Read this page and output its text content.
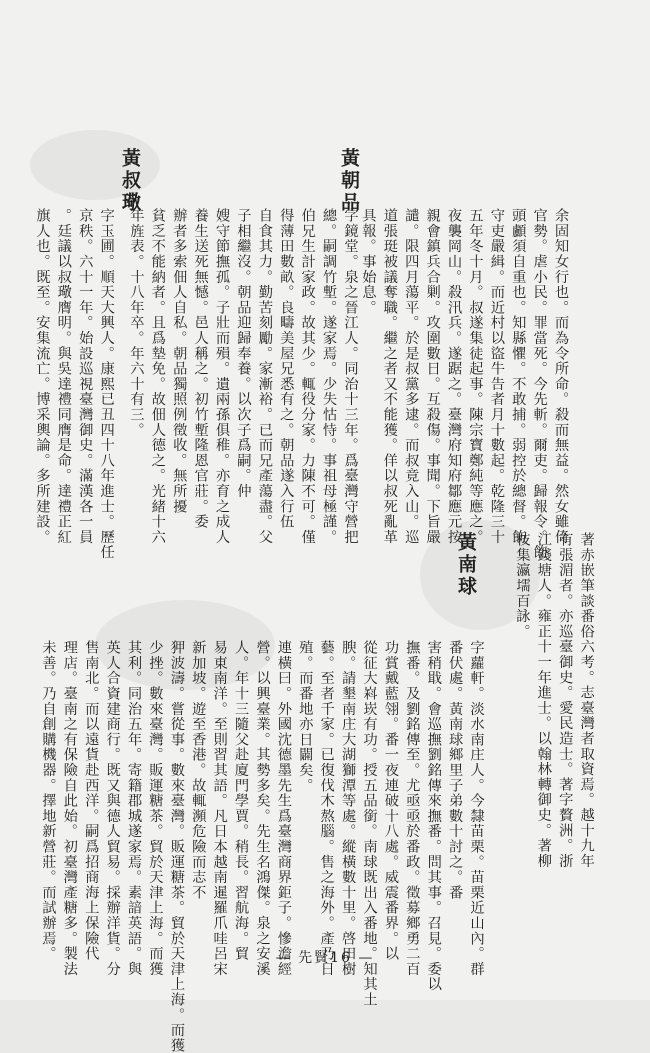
余固知女行也。而為令所命。殺而無益。然女雖倚
官勢。虐小民。罪當死。今先斬。爾吏。歸報令。飭
頭顱須自重也。知縣懼。不敢捕。弱控於總督。飭
守吏嚴緝。而近村以盜牛告者月十數起。乾隆三十
五年冬十月。叔遂集徒起事。陳宗寶鄭純等應之。
夜襲岡山。殺汛兵。遂踞之。臺灣府知府鄒應元按
親會鎮兵合剿。攻圍數日。互殺傷。事聞。下旨嚴
譴。限四月蕩平。於是叔黨多逮。而叔竟入山。巡
道張珽被議奪職。繼之者又不能獲。佯以叔死亂革
具報。事始息。
黃朝品
字鏡堂。泉之晉江人。同治十三年。爲臺灣守營把
總。嗣調竹塹。遂家焉。少失怙恃。事祖母極謹。
伯兄生計家政。故其少。輒役分家。力陳不可。僅
得薄田數畝。良疇美屋兄悉有之。朝品遂入行伍
自食其力。勤苦刻勵。家漸裕。已而兄產蕩盡。父
子相繼沒。朝品迎歸奉養。以次子爲嗣。仲
嫂守節撫孤。子壯而殞。遺兩孫俱稚。亦育之成人
養生送死無憾。邑人稱之。初竹塹隆恩官莊。委
辦者多索佃人自私。朝品獨照例徵收。無所擾
貧乏不能納者。且爲墊免。故佃人德之。光緒十六
年旌表。十八年卒。年六十有三。
黃叔璥
字玉圃。順天大興人。康熙已丑四十八年進士。歷任
京秩。六十一年。始設巡視臺灣御史。滿漢各一員
。廷議以叔璥膺明。與吳達禮同膺是命。達禮正紅
旗人也。既至。安集流亡。博采輿論。多所建設。
著赤嵌筆談番俗六考。志臺灣者取資焉。越十九年
有張湄者。亦巡臺御史。愛民造士。著字贅洲。浙
江錢塘人。雍正十一年進士。以翰林轉御史。著柳
枝集瀛壖百詠。
黃南球
字蘿軒。淡水南庄人。今隸苗栗。苗栗近山內。群
番伏處。黃南球鄉里子弟數十討之。番
害稍戢。會巡撫劉銘傳來撫番。問其事。召見。委以
撫番。及劉銘傳至。尤亟亟於番政。徵募鄉勇二百
功賞戴藍翎。番一夜連破十八處。威震番界。以
從征大嵙崁有功。授五品銜。南球既出入番地。知其土
腴。請墾南庄大湖獅潭等處。縱橫數十里。啓田樹
藝。至者千家。已復伐木熬腦。售之海外。產乃日
殖。而番地亦日闢矣。
連橫曰。外國沈德墨先生爲臺灣商界鉅子。慘澹經
營。以興臺業。其勢多矣。先生名鴻傑。泉之安溪
人。年十三隨父赴廈門學賈。稍長。習航海。貿
易東南洋。至則習其語。凡日本越南暹羅爪哇呂宋
新加坡。遊至香港。故輒瀕危險而志不
狎波濤。嘗從事。數來臺灣。販運糖茶。貿於天津上海。而獲
少挫。數來臺灣。販運糖茶。貿於天津上海。而獲
其利。同治五年。寄籍郡城遂家焉。素諳英語。與
英人合資建商行。既又與德人貿易。採辦洋貨。分
售南北。而以遠貨赴西洋。嗣爲招商海上保險代
理店。臺南之有保險自此始。初臺灣產糖多。製法
未善。乃自創購機器。擇地新營莊。而試辦焉。	— 先賢16 —
